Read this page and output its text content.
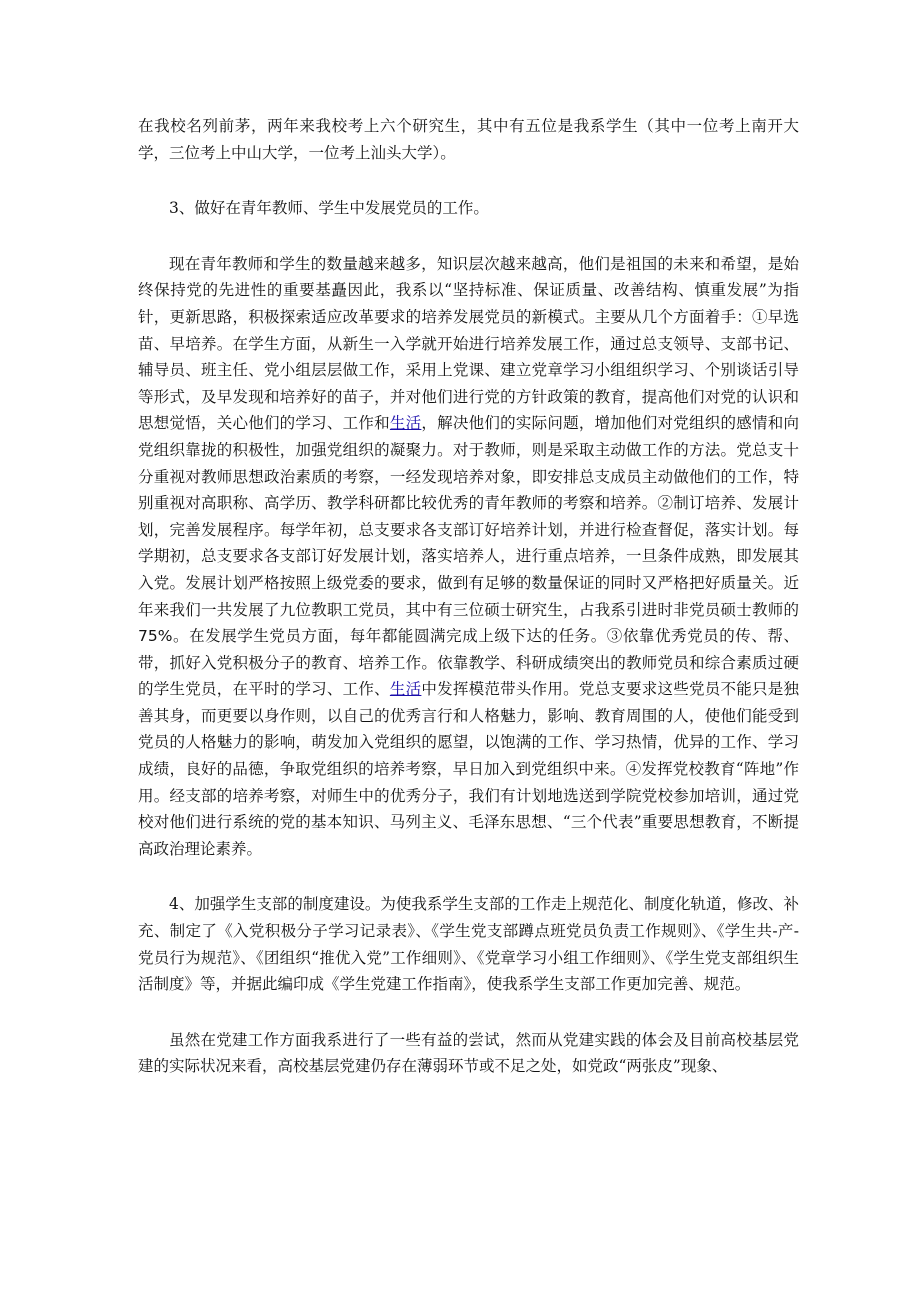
在我校名列前茅，两年来我校考上六个研究生，其中有五位是我系学生（其中一位考上南开大学，三位考上中山大学，一位考上汕头大学）。

3、做好在青年教师、学生中发展党员的工作。

现在青年教师和学生的数量越来越多，知识层次越来越高，他们是祖国的未来和希望，是始终保持党的先进性的重要基矗因此，我系以“坚持标准、保证质量、改善结构、慎重发展”为指针，更新思路，积极探索适应改革要求的培养发展党员的新模式。主要从几个方面着手：①早选苗、早培养。在学生方面，从新生一入学就开始进行培养发展工作，通过总支领导、支部书记、辅导员、班主任、党小组层层做工作，采用上党课、建立党章学习小组组织学习、个别谈话引导等形式，及早发现和培养好的苗子，并对他们进行党的方针政策的教育，提高他们对党的认识和思想觉悟，关心他们的学习、工作和生活，解决他们的实际问题，增加他们对党组织的感情和向党组织靠拢的积极性，加强党组织的凝聚力。对于教师，则是采取主动做工作的方法。党总支十分重视对教师思想政治素质的考察，一经发现培养对象，即安排总支成员主动做他们的工作，特别重视对高职称、高学历、教学科研都比较优秀的青年教师的考察和培养。②制订培养、发展计划，完善发展程序。每学年初，总支要求各支部订好培养计划，并进行检查督促，落实计划。每学期初，总支要求各支部订好发展计划，落实培养人，进行重点培养，一旦条件成熟，即发展其入党。发展计划严格按照上级党委的要求，做到有足够的数量保证的同时又严格把好质量关。近年来我们一共发展了九位教职工党员，其中有三位硕士研究生，占我系引进时非党员硕士教师的75%。在发展学生党员方面，每年都能圆满完成上级下达的任务。③依靠优秀党员的传、帮、带，抓好入党积极分子的教育、培养工作。依靠教学、科研成绩突出的教师党员和综合素质过硬的学生党员，在平时的学习、工作、生活中发挥模范带头作用。党总支要求这些党员不能只是独善其身，而更要以身作则，以自己的优秀言行和人格魅力，影响、教育周围的人，使他们能受到党员的人格魅力的影响，萌发加入党组织的愿望，以饱满的工作、学习热情，优异的工作、学习成绩，良好的品德，争取党组织的培养考察，早日加入到党组织中来。④发挥党校教育“阵地”作用。经支部的培养考察，对师生中的优秀分子，我们有计划地选送到学院党校参加培训，通过党校对他们进行系统的党的基本知识、马列主义、毛泽东思想、“三个代表”重要思想教育，不断提高政治理论素养。

4、加强学生支部的制度建设。为使我系学生支部的工作走上规范化、制度化轨道，修改、补充、制定了《入党积极分子学习记录表》、《学生党支部蹲点班党员负责工作规则》、《学生共-产-党员行为规范》、《团组织“推优入党”工作细则》、《党章学习小组工作细则》、《学生党支部组织生活制度》等，并据此编印成《学生党建工作指南》，使我系学生支部工作更加完善、规范。

虽然在党建工作方面我系进行了一些有益的尝试，然而从党建实践的体会及目前高校基层党建的实际状况来看，高校基层党建仍存在薄弱环节或不足之处，如党政“两张皮”现象、
